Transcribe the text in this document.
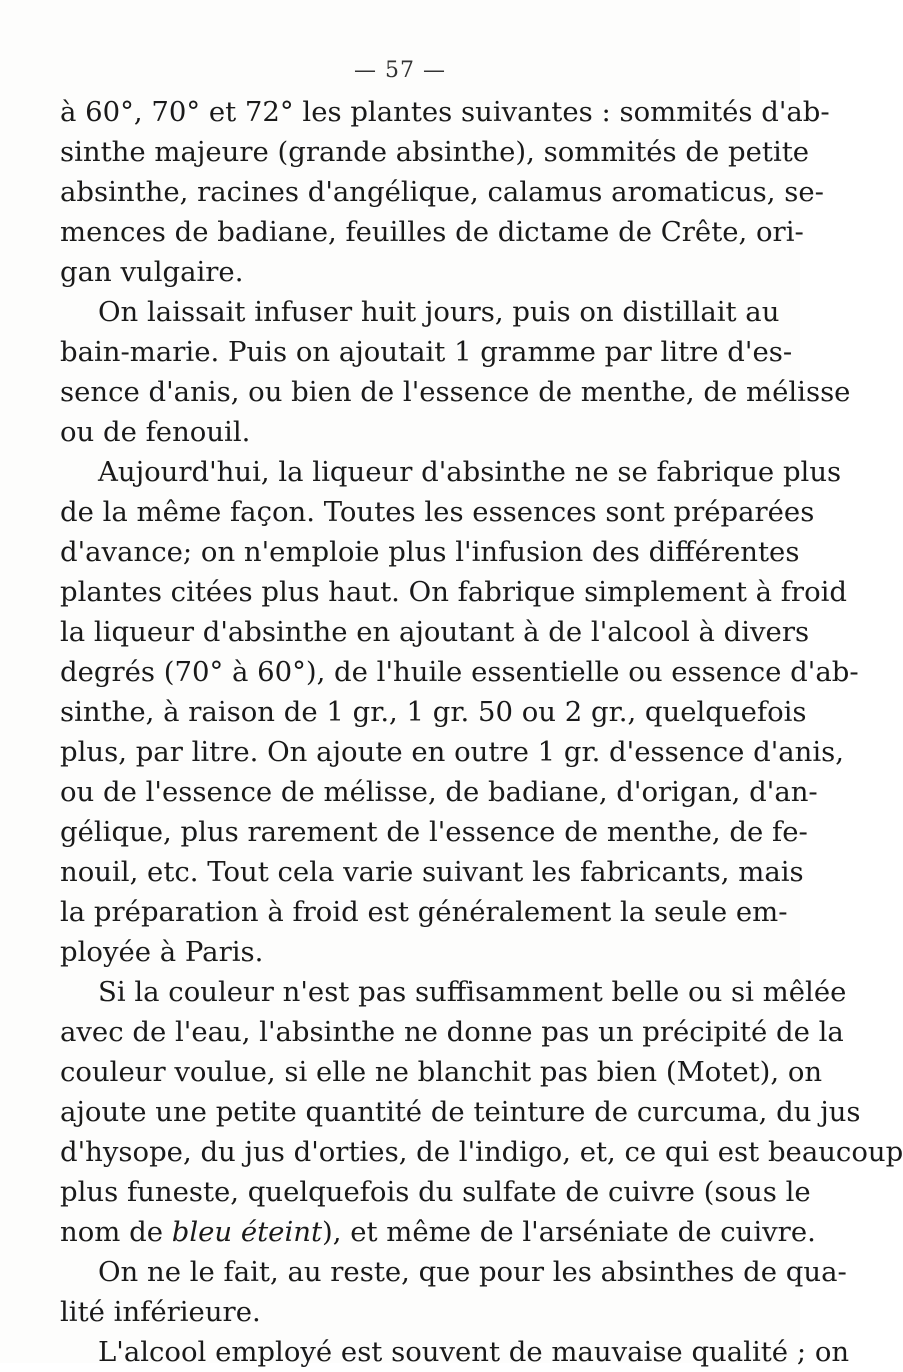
— 57 —

à 60°, 70° et 72° les plantes suivantes : sommités d'ab-
sinthe majeure (grande absinthe), sommités de petite
absinthe, racines d'angélique, calamus aromaticus, se-
mences de badiane, feuilles de dictame de Crête, ori-
gan vulgaire.

On laissait infuser huit jours, puis on distillait au
bain-marie. Puis on ajoutait 1 gramme par litre d'es-
sence d'anis, ou bien de l'essence de menthe, de mélisse
ou de fenouil.

Aujourd'hui, la liqueur d'absinthe ne se fabrique plus
de la même façon. Toutes les essences sont préparées
d'avance; on n'emploie plus l'infusion des différentes
plantes citées plus haut. On fabrique simplement à froid
la liqueur d'absinthe en ajoutant à de l'alcool à divers
degrés (70° à 60°), de l'huile essentielle ou essence d'ab-
sinthe, à raison de 1 gr., 1 gr. 50 ou 2 gr., quelquefois
plus, par litre. On ajoute en outre 1 gr. d'essence d'anis,
ou de l'essence de mélisse, de badiane, d'origan, d'an-
gélique, plus rarement de l'essence de menthe, de fe-
nouil, etc. Tout cela varie suivant les fabricants, mais
la préparation à froid est généralement la seule em-
ployée à Paris.

Si la couleur n'est pas suffisamment belle ou si mêlée
avec de l'eau, l'absinthe ne donne pas un précipité de la
couleur voulue, si elle ne blanchit pas bien (Motet), on
ajoute une petite quantité de teinture de curcuma, du jus
d'hysope, du jus d'orties, de l'indigo, et, ce qui est beaucoup
plus funeste, quelquefois du sulfate de cuivre (sous le
nom de bleu éteint), et même de l'arséniate de cuivre.

On ne le fait, au reste, que pour les absinthes de qua-
lité inférieure.

L'alcool employé est souvent de mauvaise qualité ; on
